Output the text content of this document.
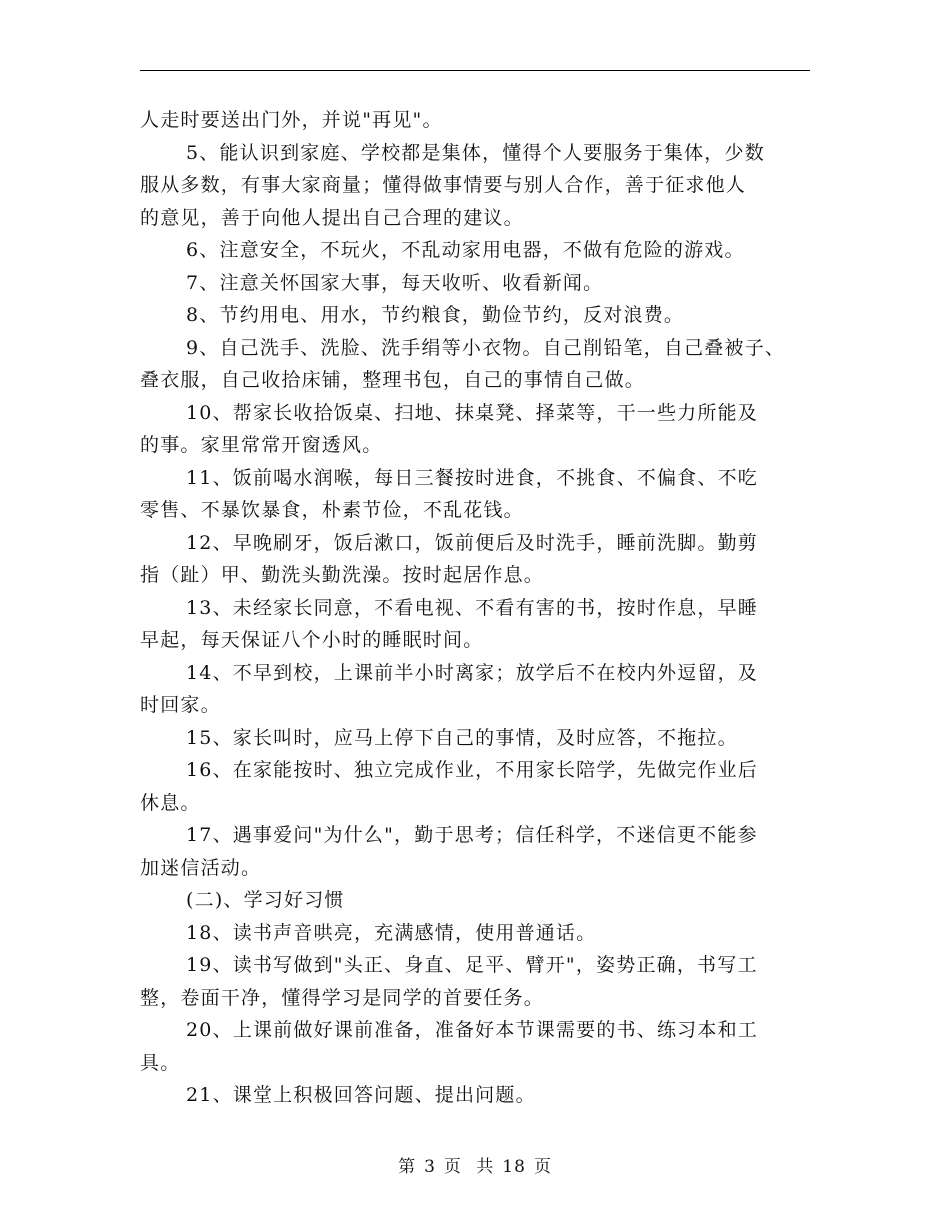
人走时要送出门外，并说"再见"。

5、能认识到家庭、学校都是集体，懂得个人要服务于集体，少数
服从多数，有事大家商量；懂得做事情要与别人合作，善于征求他人
的意见，善于向他人提出自己合理的建议。

6、注意安全，不玩火，不乱动家用电器，不做有危险的游戏。

7、注意关怀国家大事，每天收听、收看新闻。

8、节约用电、用水，节约粮食，勤俭节约，反对浪费。

9、自己洗手、洗脸、洗手绢等小衣物。自己削铅笔，自己叠被子、
叠衣服，自己收拾床铺，整理书包，自己的事情自己做。

10、帮家长收拾饭桌、扫地、抹桌凳、择菜等，干一些力所能及
的事。家里常常开窗透风。

11、饭前喝水润喉，每日三餐按时进食，不挑食、不偏食、不吃
零售、不暴饮暴食，朴素节俭，不乱花钱。

12、早晚刷牙，饭后漱口，饭前便后及时洗手，睡前洗脚。勤剪
指（趾）甲、勤洗头勤洗澡。按时起居作息。

13、未经家长同意，不看电视、不看有害的书，按时作息，早睡
早起，每天保证八个小时的睡眠时间。

14、不早到校，上课前半小时离家；放学后不在校内外逗留，及
时回家。

15、家长叫时，应马上停下自己的事情，及时应答，不拖拉。

16、在家能按时、独立完成作业，不用家长陪学，先做完作业后
休息。

17、遇事爱问"为什么"，勤于思考；信任科学，不迷信更不能参
加迷信活动。

(二)、学习好习惯

18、读书声音哄亮，充满感情，使用普通话。

19、读书写做到"头正、身直、足平、臂开"，姿势正确，书写工
整，卷面干净，懂得学习是同学的首要任务。

20、上课前做好课前准备，准备好本节课需要的书、练习本和工
具。

21、课堂上积极回答问题、提出问题。

第 3 页 共 18 页
